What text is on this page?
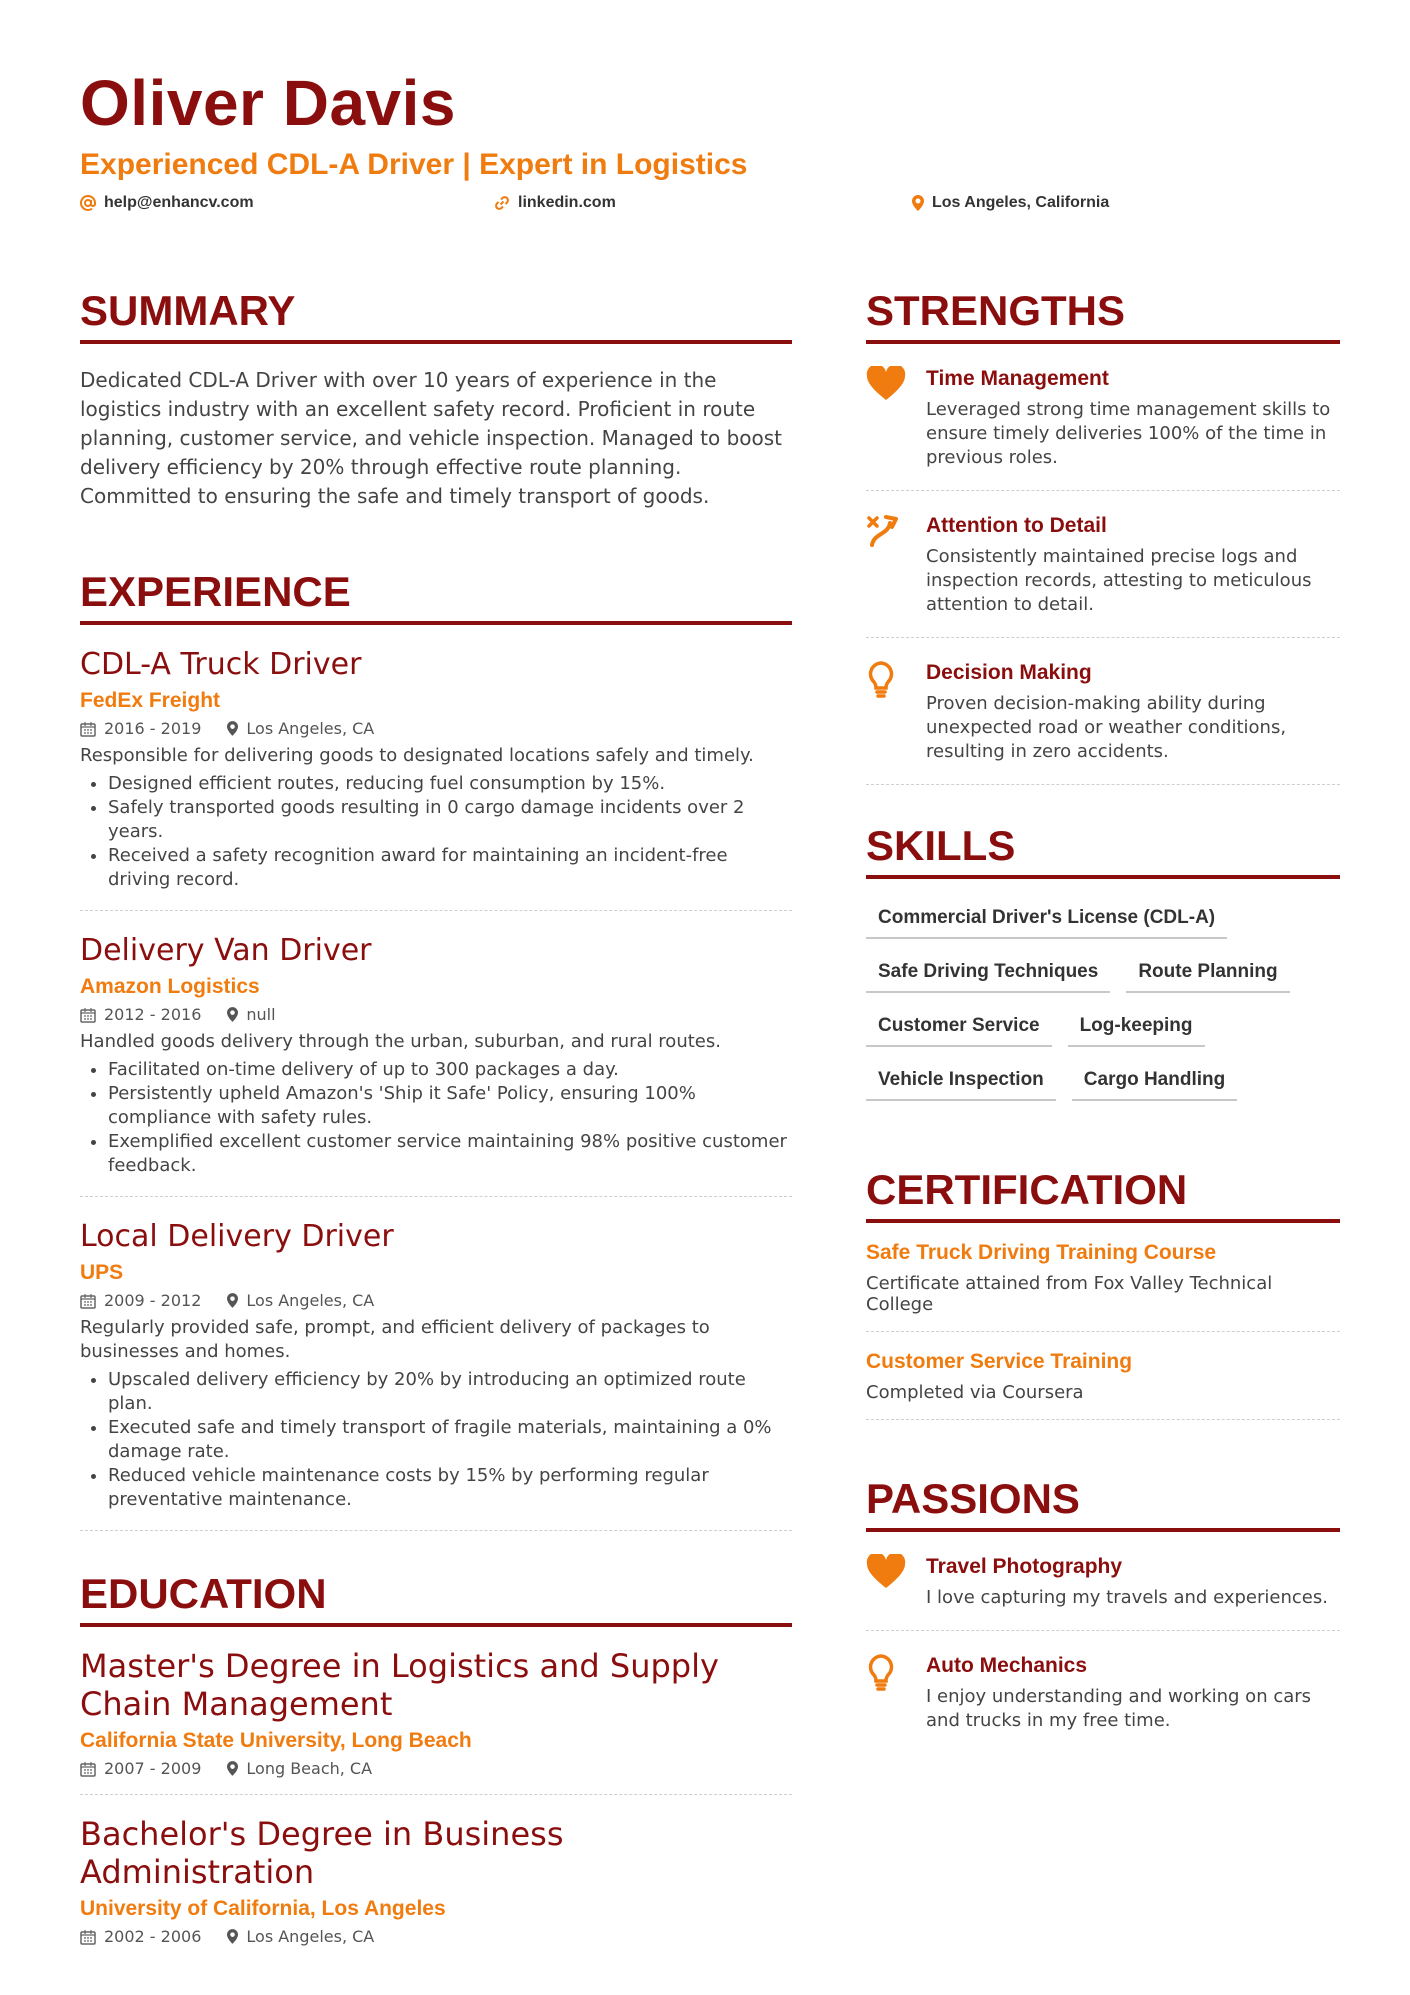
Oliver Davis
Experienced CDL-A Driver | Expert in Logistics
help@enhancv.com	linkedin.com	Los Angeles, California
SUMMARY
Dedicated CDL-A Driver with over 10 years of experience in the logistics industry with an excellent safety record. Proficient in route planning, customer service, and vehicle inspection. Managed to boost delivery efficiency by 20% through effective route planning. Committed to ensuring the safe and timely transport of goods.
EXPERIENCE
CDL-A Truck Driver
FedEx Freight
2016 - 2019	Los Angeles, CA
Responsible for delivering goods to designated locations safely and timely.
• Designed efficient routes, reducing fuel consumption by 15%.
• Safely transported goods resulting in 0 cargo damage incidents over 2 years.
• Received a safety recognition award for maintaining an incident-free driving record.
Delivery Van Driver
Amazon Logistics
2012 - 2016	null
Handled goods delivery through the urban, suburban, and rural routes.
• Facilitated on-time delivery of up to 300 packages a day.
• Persistently upheld Amazon's 'Ship it Safe' Policy, ensuring 100% compliance with safety rules.
• Exemplified excellent customer service maintaining 98% positive customer feedback.
Local Delivery Driver
UPS
2009 - 2012	Los Angeles, CA
Regularly provided safe, prompt, and efficient delivery of packages to businesses and homes.
• Upscaled delivery efficiency by 20% by introducing an optimized route plan.
• Executed safe and timely transport of fragile materials, maintaining a 0% damage rate.
• Reduced vehicle maintenance costs by 15% by performing regular preventative maintenance.
EDUCATION
Master's Degree in Logistics and Supply Chain Management
California State University, Long Beach
2007 - 2009	Long Beach, CA
Bachelor's Degree in Business Administration
University of California, Los Angeles
2002 - 2006	Los Angeles, CA
STRENGTHS
Time Management
Leveraged strong time management skills to ensure timely deliveries 100% of the time in previous roles.
Attention to Detail
Consistently maintained precise logs and inspection records, attesting to meticulous attention to detail.
Decision Making
Proven decision-making ability during unexpected road or weather conditions, resulting in zero accidents.
SKILLS
Commercial Driver's License (CDL-A)
Safe Driving Techniques	Route Planning
Customer Service	Log-keeping
Vehicle Inspection	Cargo Handling
CERTIFICATION
Safe Truck Driving Training Course
Certificate attained from Fox Valley Technical College
Customer Service Training
Completed via Coursera
PASSIONS
Travel Photography
I love capturing my travels and experiences.
Auto Mechanics
I enjoy understanding and working on cars and trucks in my free time.
